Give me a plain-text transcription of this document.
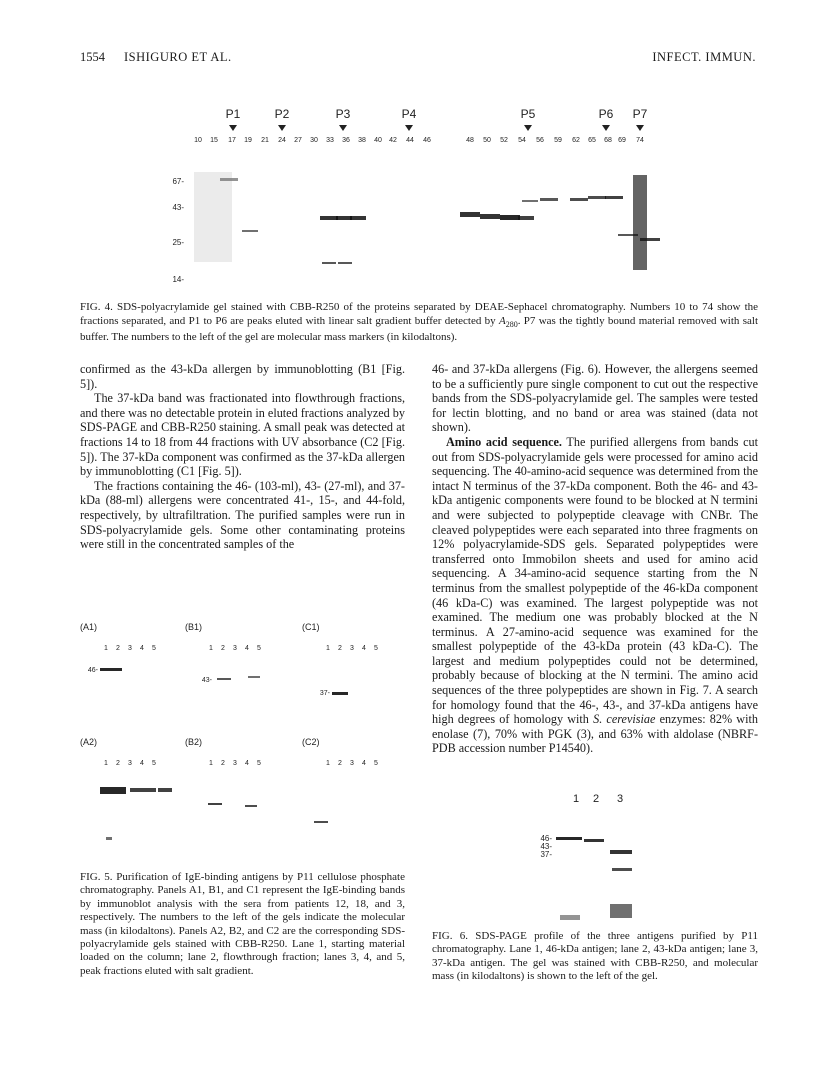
1554 ISHIGURO ET AL.	INFECT. IMMUN.
P1	P2	P3	P4	P5	P6 P7
10 15 17 19 21 24 27 30 33 36 38 40 42 44 46	48 50 52 54 56 59 62 65 68 69 74
67-
43-
25-
14-
FIG. 4. SDS-polyacrylamide gel stained with CBB-R250 of the proteins separated by DEAE-Sephacel chromatography. Numbers 10 to 74 show the fractions separated, and P1 to P6 are peaks eluted with linear salt gradient buffer detected by $A_{280}$. P7 was the tightly bound material removed with salt buffer. The numbers to the left of the gel are molecular mass markers (in kilodaltons).

confirmed as the 43-kDa allergen by immunoblotting (B1 [Fig. 5]).

The 37-kDa band was fractionated into flowthrough fractions, and there was no detectable protein in eluted fractions analyzed by SDS-PAGE and CBB-R250 staining. A small peak was detected at fractions 14 to 18 from 44 fractions with UV absorbance (C2 [Fig. 5]). The 37-kDa component was confirmed as the 37-kDa allergen by immunoblotting (C1 [Fig. 5]).

The fractions containing the 46- (103-ml), 43- (27-ml), and 37-kDa (88-ml) allergens were concentrated 41-, 15-, and 44-fold, respectively, by ultrafiltration. The purified samples were run in SDS-polyacrylamide gels. Some other contaminating proteins were still in the concentrated samples of the

46- and 37-kDa allergens (Fig. 6). However, the allergens seemed to be a sufficiently pure single component to cut out the respective bands from the SDS-polyacrylamide gel. The samples were tested for lectin blotting, and no band or area was stained (data not shown).

Amino acid sequence. The purified allergens from bands cut out from SDS-polyacrylamide gels were processed for amino acid sequencing. The 40-amino-acid sequence was determined from the intact N terminus of the 37-kDa component. Both the 46- and 43-kDa antigenic components were found to be blocked at N termini and were subjected to polypeptide cleavage with CNBr. The cleaved polypeptides were each separated into three fragments on 12% polyacrylamide-SDS gels. Separated polypeptides were transferred onto Immobilon sheets and used for amino acid sequencing. A 34-amino-acid sequence starting from the N terminus from the smallest polypeptide of the 46-kDa component (46 kDa-C) was examined. The largest polypeptide was not examined. The medium one was probably blocked at the N terminus. A 27-amino-acid sequence was examined for the smallest polypeptide of the 43-kDa protein (43 kDa-C). The largest and medium polypeptides could not be determined, probably because of blocking at the N termini. The amino acid sequences of the three polypeptides are shown in Fig. 7. A search for homology found that the 46-, 43-, and 37-kDa antigens have high degrees of homology with S. cerevisiae enzymes: 82% with enolase (7), 70% with PGK (3), and 63% with aldolase (NBRF-PDB accession number P14540).

(A1)
1 2 3 4 5
(B1)
1 2 3 4 5
(C1)
1 2 3 4 5
(A2)
1 2 3 4 5
(B2)
1 2 3 4 5
(C2)
1 2 3 4 5
46-
43-
37-
FIG. 5. Purification of IgE-binding antigens by P11 cellulose phosphate chromatography. Panels A1, B1, and C1 represent the IgE-binding bands by immunoblot analysis with the sera from patients 12, 18, and 3, respectively. The numbers to the left of the gels indicate the molecular mass (in kilodaltons). Panels A2, B2, and C2 are the corresponding SDS-polyacrylamide gels stained with CBB-R250. Lane 1, starting material loaded on the column; lane 2, flowthrough fraction; lanes 3, 4, and 5, peak fractions eluted with salt gradient.
1 2 3
46-
43-
37-
FIG. 6. SDS-PAGE profile of the three antigens purified by P11 chromatography. Lane 1, 46-kDa antigen; lane 2, 43-kDa antigen; lane 3, 37-kDa antigen. The gel was stained with CBB-R250, and molecular mass (in kilodaltons) is shown to the left of the gel.
